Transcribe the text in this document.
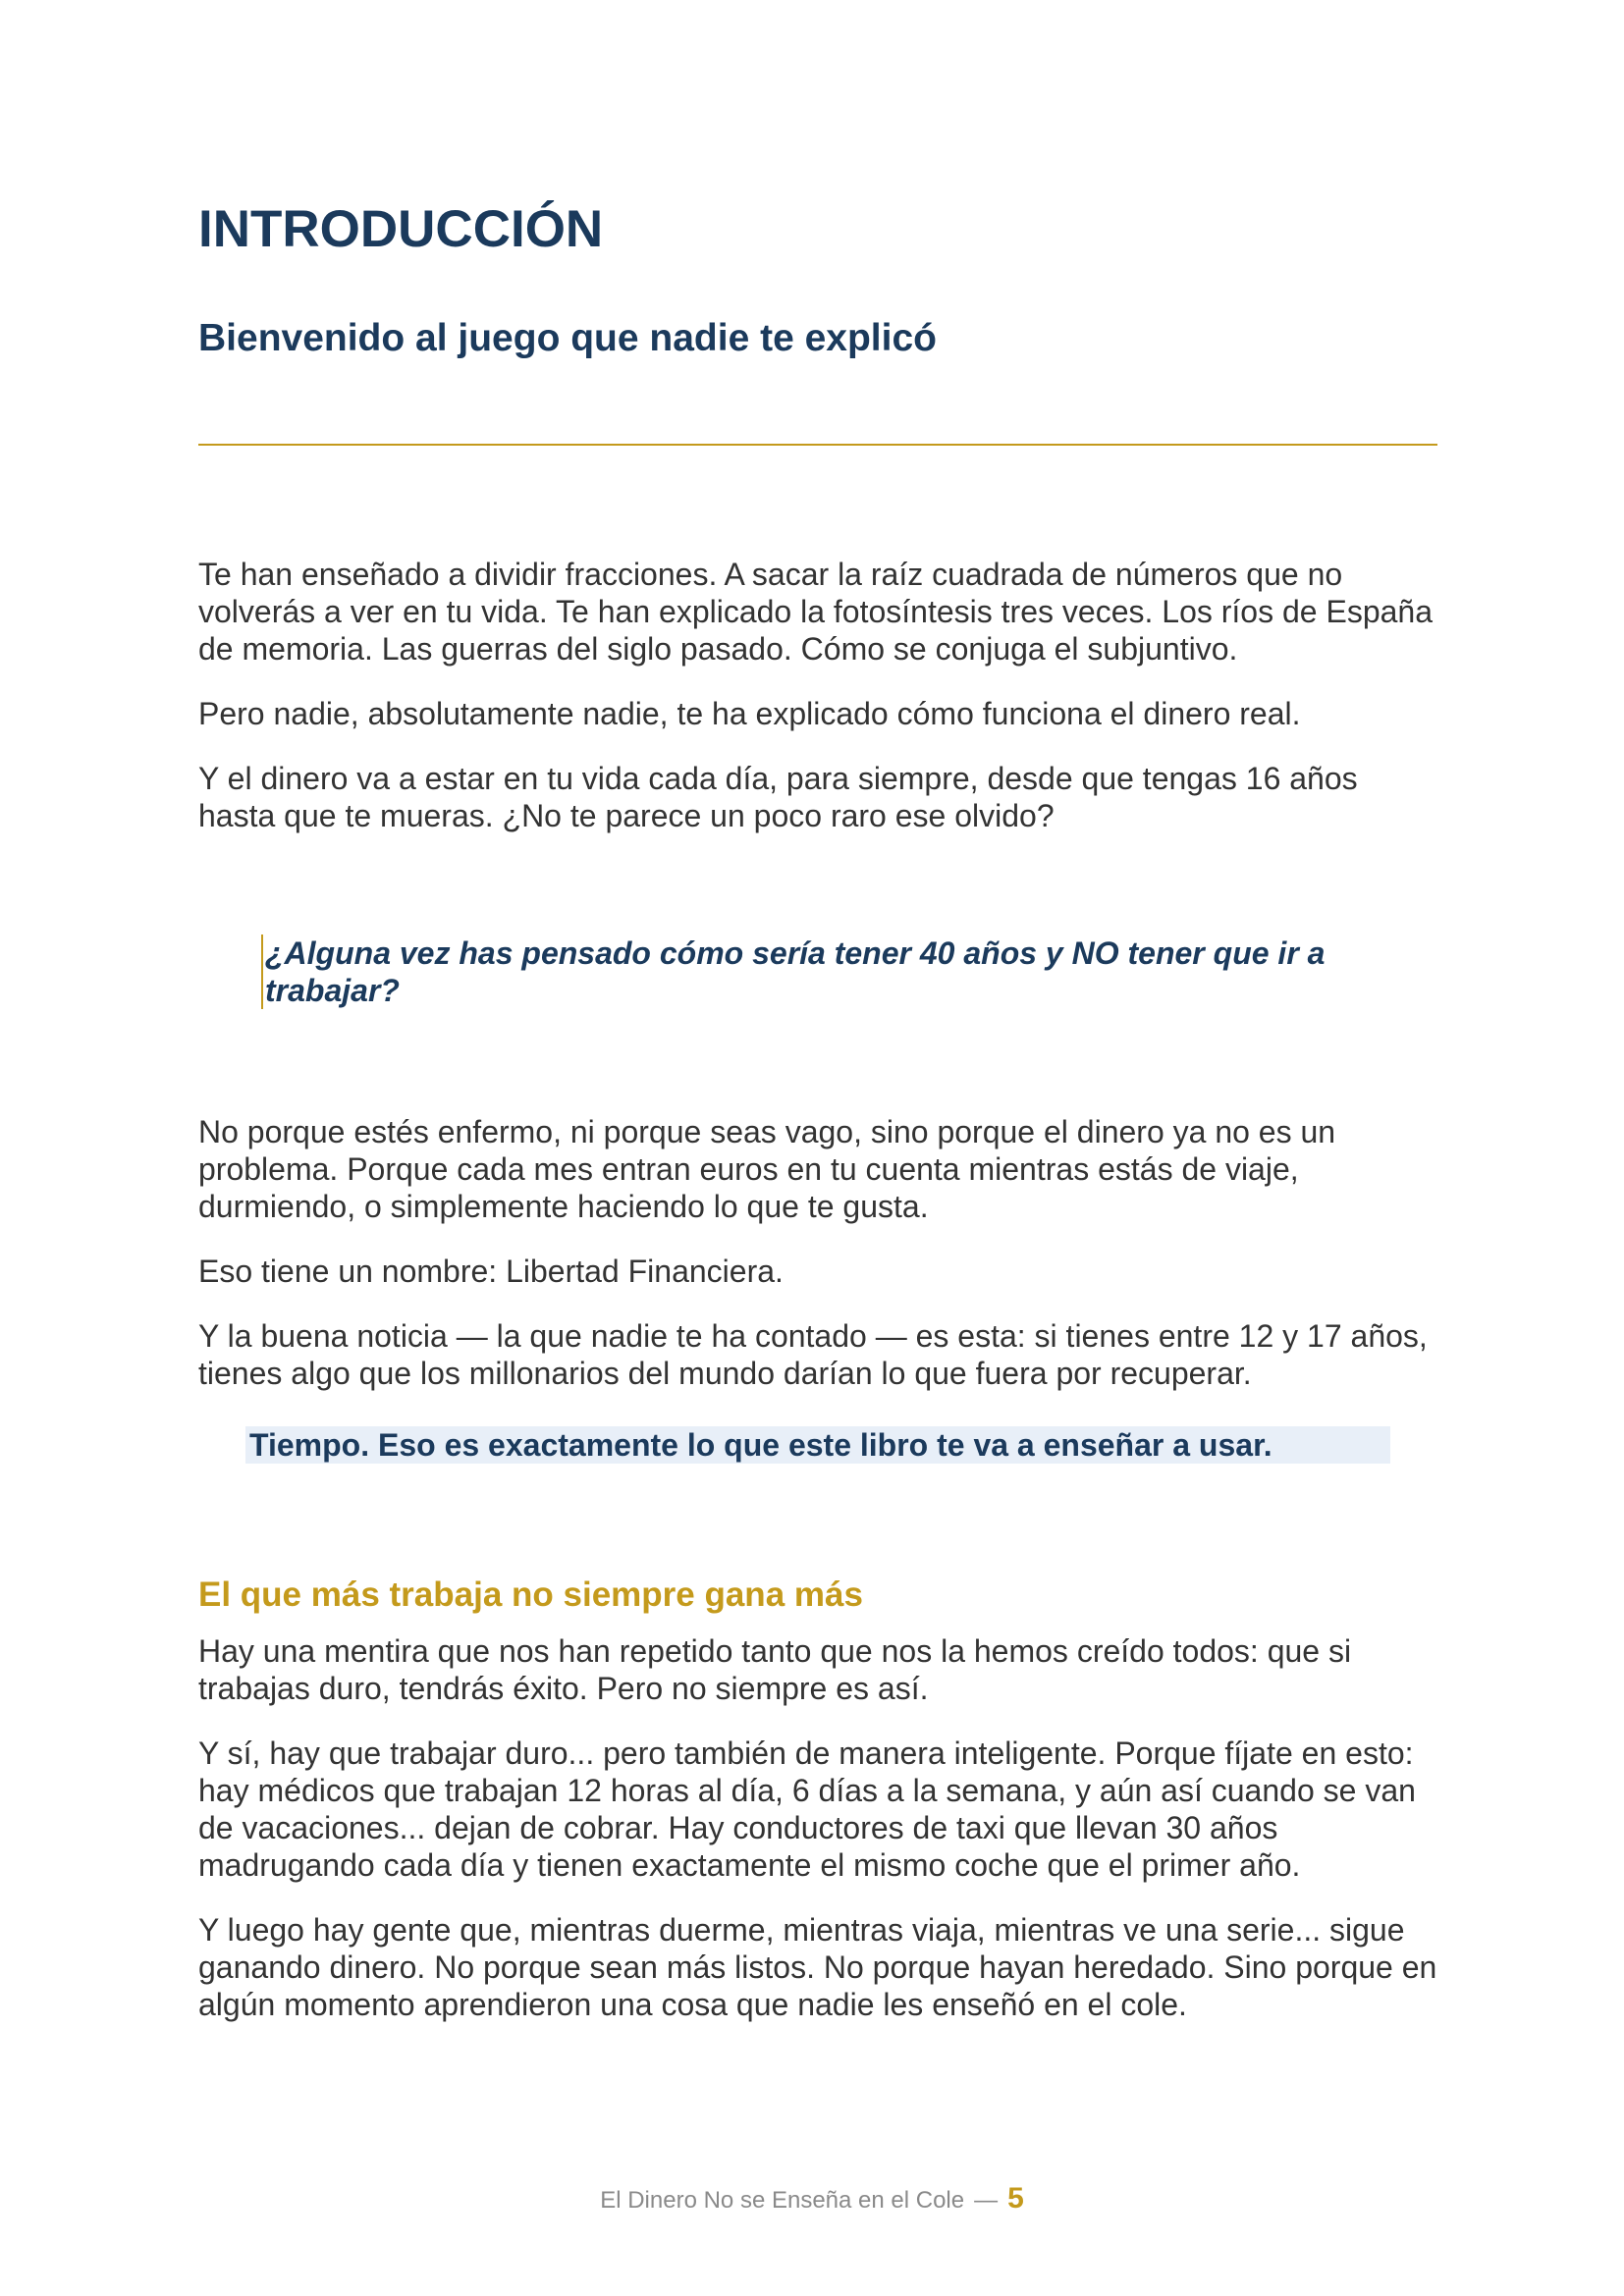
INTRODUCCIÓN
Bienvenido al juego que nadie te explicó

Te han enseñado a dividir fracciones. A sacar la raíz cuadrada de números que no volverás a ver en tu vida. Te han explicado la fotosíntesis tres veces. Los ríos de España de memoria. Las guerras del siglo pasado. Cómo se conjuga el subjuntivo.

Pero nadie, absolutamente nadie, te ha explicado cómo funciona el dinero real.

Y el dinero va a estar en tu vida cada día, para siempre, desde que tengas 16 años hasta que te mueras. ¿No te parece un poco raro ese olvido?

¿Alguna vez has pensado cómo sería tener 40 años y NO tener que ir a trabajar?

No porque estés enfermo, ni porque seas vago, sino porque el dinero ya no es un problema. Porque cada mes entran euros en tu cuenta mientras estás de viaje, durmiendo, o simplemente haciendo lo que te gusta.

Eso tiene un nombre: Libertad Financiera.

Y la buena noticia — la que nadie te ha contado — es esta: si tienes entre 12 y 17 años, tienes algo que los millonarios del mundo darían lo que fuera por recuperar.

Tiempo. Eso es exactamente lo que este libro te va a enseñar a usar.

El que más trabaja no siempre gana más

Hay una mentira que nos han repetido tanto que nos la hemos creído todos: que si trabajas duro, tendrás éxito. Pero no siempre es así.

Y sí, hay que trabajar duro... pero también de manera inteligente. Porque fíjate en esto: hay médicos que trabajan 12 horas al día, 6 días a la semana, y aún así cuando se van de vacaciones... dejan de cobrar. Hay conductores de taxi que llevan 30 años madrugando cada día y tienen exactamente el mismo coche que el primer año.

Y luego hay gente que, mientras duerme, mientras viaja, mientras ve una serie... sigue ganando dinero. No porque sean más listos. No porque hayan heredado. Sino porque en algún momento aprendieron una cosa que nadie les enseñó en el cole.

El Dinero No se Enseña en el Cole — 5
